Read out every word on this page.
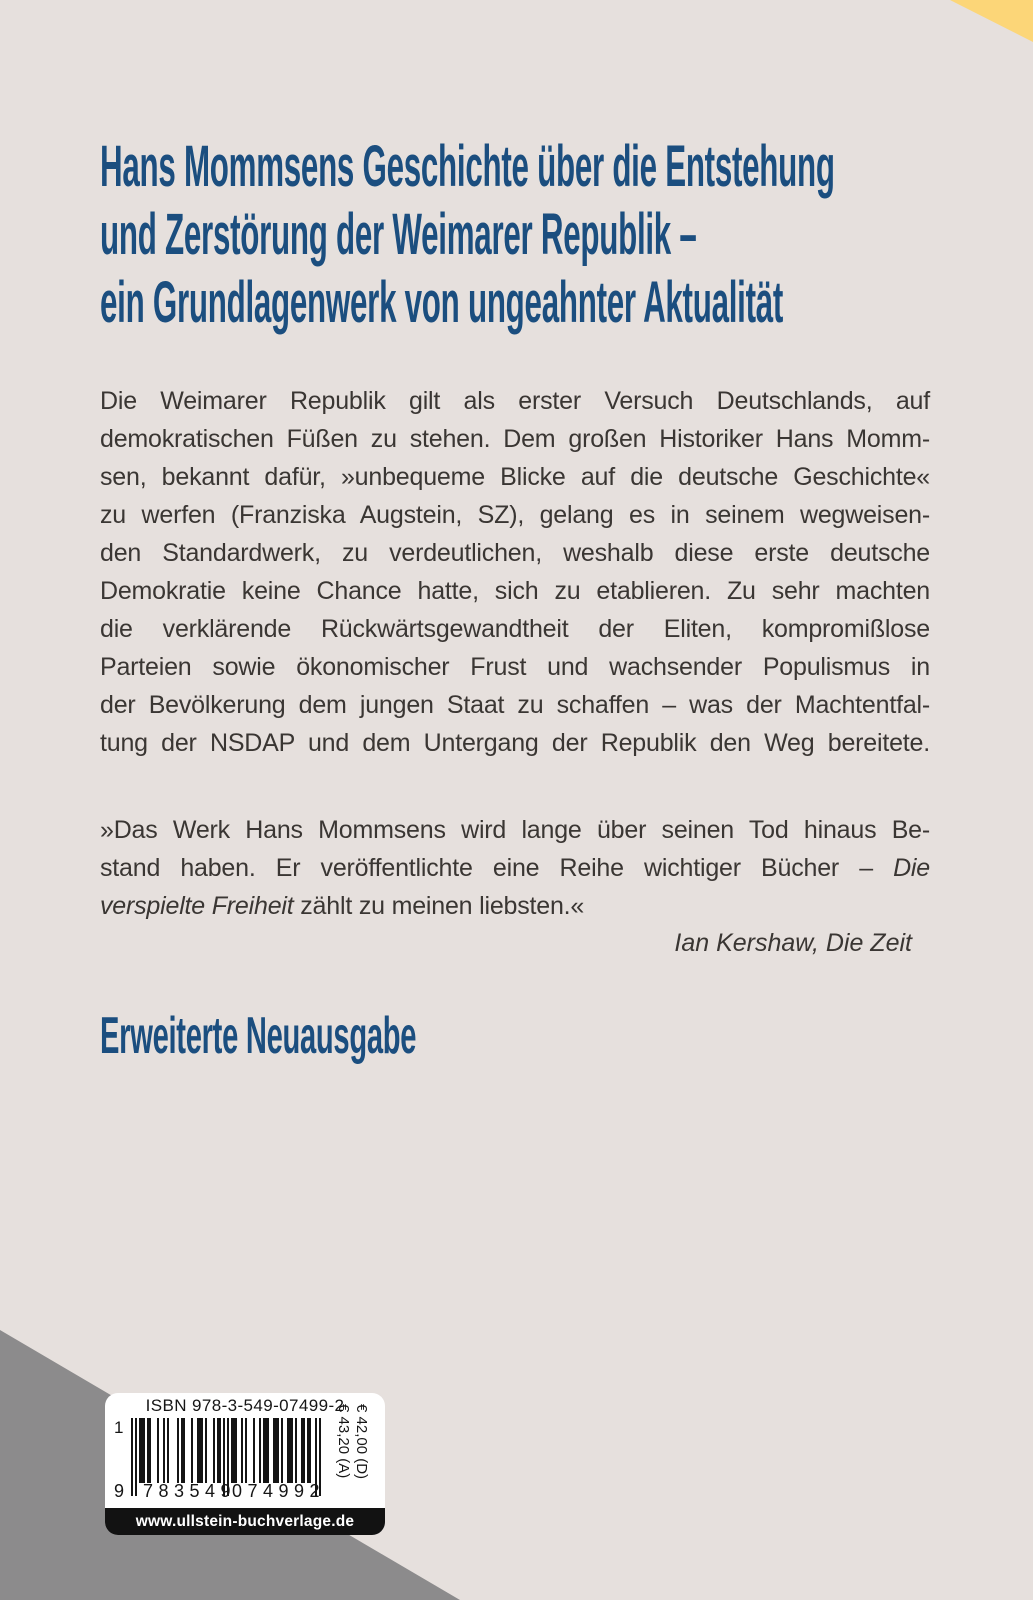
Hans Mommsens Geschichte über die Entstehung
und Zerstörung der Weimarer Republik –
ein Grundlagenwerk von ungeahnter Aktualität
Die Weimarer Republik gilt als erster Versuch Deutschlands, auf
demokratischen Füßen zu stehen. Dem großen Historiker Hans Momm-
sen, bekannt dafür, »unbequeme Blicke auf die deutsche Geschichte«
zu werfen (Franziska Augstein, SZ), gelang es in seinem wegweisen-
den Standardwerk, zu verdeutlichen, weshalb diese erste deutsche
Demokratie keine Chance hatte, sich zu etablieren. Zu sehr machten
die verklärende Rückwärtsgewandtheit der Eliten, kompromißlose
Parteien sowie ökonomischer Frust und wachsender Populismus in
der Bevölkerung dem jungen Staat zu schaffen – was der Machtentfal-
tung der NSDAP und dem Untergang der Republik den Weg bereitete.
»Das Werk Hans Mommsens wird lange über seinen Tod hinaus Be-
stand haben. Er veröffentlichte eine Reihe wichtiger Bücher – Die
verspielte Freiheit zählt zu meinen liebsten.«
Ian Kershaw, Die Zeit
Erweiterte Neuausgabe
ISBN 978-3-549-07499-2
1
9 783549
074992
€ 42,00 (D)
€ 43,20 (A)
www.ullstein-buchverlage.de
